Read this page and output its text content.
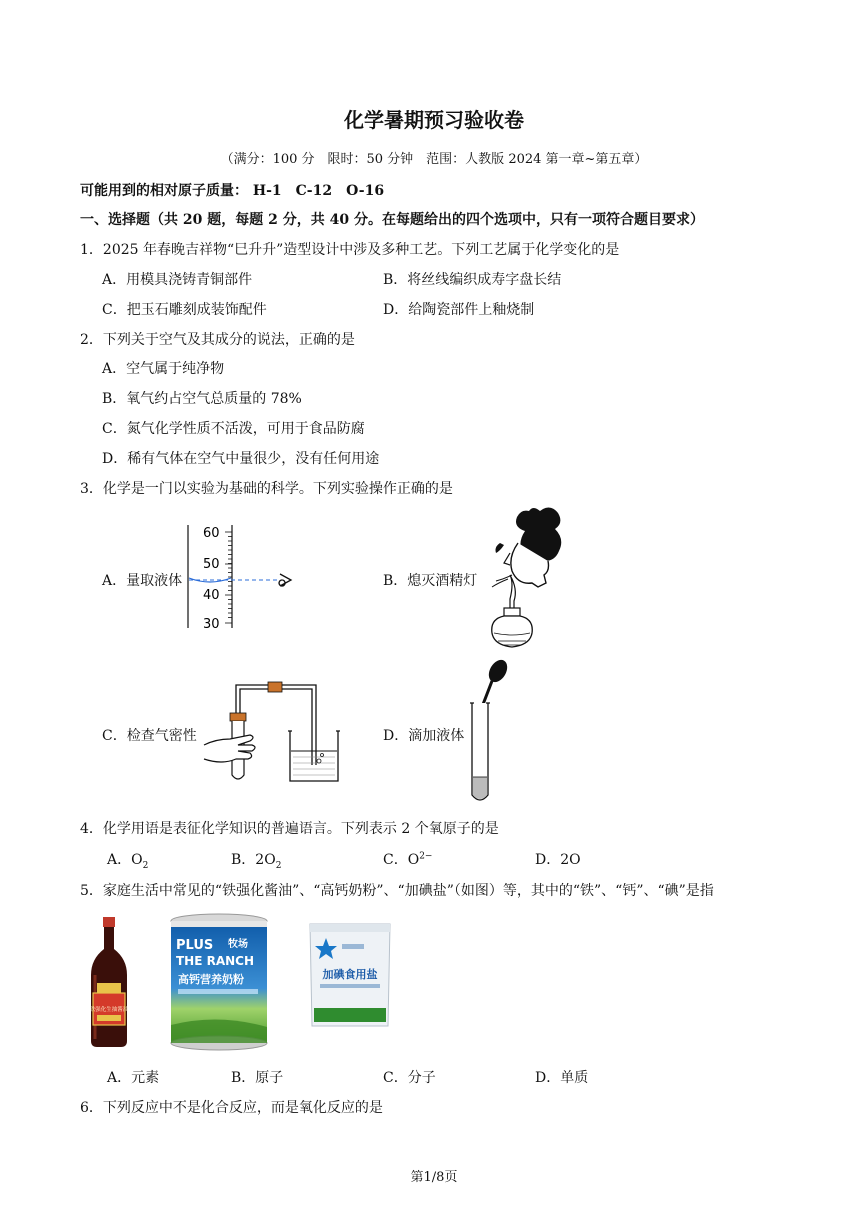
化学暑期预习验收卷
（满分：100 分　限时：50 分钟　范围：人教版 2024 第一章~第五章）
可能用到的相对原子质量： H-1　C-12　O-16
一、选择题（共 20 题，每题 2 分，共 40 分。在每题给出的四个选项中，只有一项符合题目要求）
1．2025 年春晚吉祥物“巳升升”造型设计中涉及多种工艺。下列工艺属于化学变化的是
A．用模具浇铸青铜部件	B．将丝线编织成寿字盘长结
C．把玉石雕刻成装饰配件	D．给陶瓷部件上釉烧制
2．下列关于空气及其成分的说法，正确的是
A．空气属于纯净物
B．氧气约占空气总质量的 78%
C．氮气化学性质不活泼，可用于食品防腐
D．稀有气体在空气中量很少，没有任何用途
3．化学是一门以实验为基础的科学。下列实验操作正确的是
A．量取液体	B．熄灭酒精灯
C．检查气密性	D．滴加液体
60
50
40
30
4．化学用语是表征化学知识的普遍语言。下列表示 2 个氧原子的是
A．$O_2$	B．$2O_2$	C．$O^{2-}$	D．2O
5．家庭生活中常见的“铁强化酱油”、“高钙奶粉”、“加碘盐”（如图）等，其中的“铁”、“钙”、“碘”是指
铁强化生抽酱油
PLUS 牧场
THE RANCH
高钙营养奶粉	加碘食用盐
A．元素	B．原子	C．分子	D．单质
6．下列反应中不是化合反应，而是氧化反应的是
第1/8页
